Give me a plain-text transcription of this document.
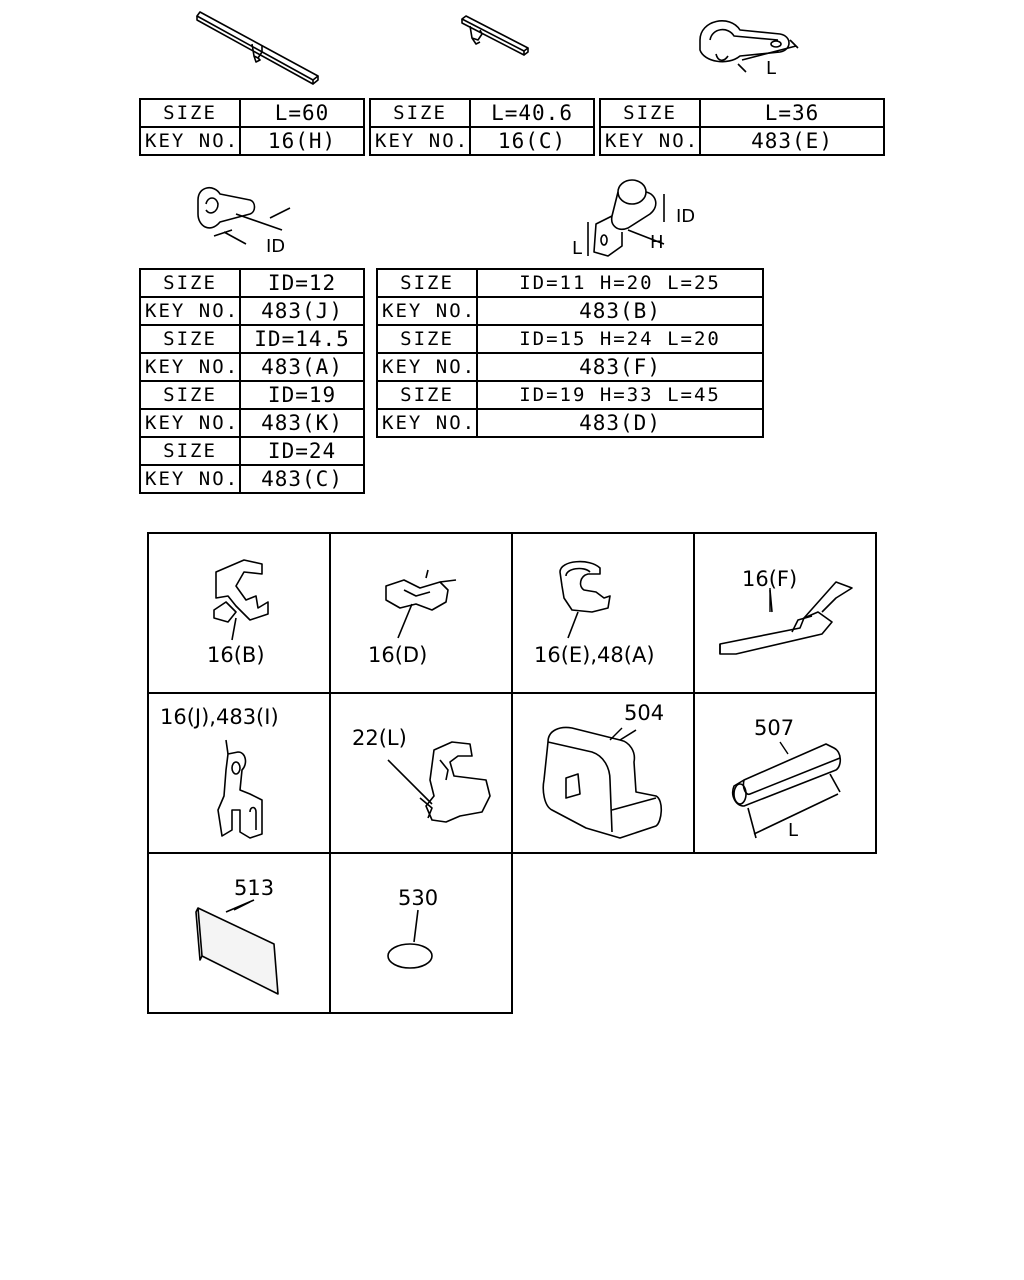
SIZE	L=60
KEY NO.	16(H)
SIZE	L=40.6
KEY NO.	16(C)
SIZE	L=36
KEY NO.	483(E)
L
ID
SIZE	ID=12
KEY NO.	483(J)
SIZE	ID=14.5
KEY NO.	483(A)
SIZE	ID=19
KEY NO.	483(K)
SIZE	ID=24
KEY NO.	483(C)
ID
H
L
SIZE	ID=11 H=20 L=25
KEY NO.	483(B)
SIZE	ID=15 H=24 L=20
KEY NO.	483(F)
SIZE	ID=19 H=33 L=45
KEY NO.	483(D)
16(B)	16(D)	16(E),48(A)
16(F)
16(J),483(I)
22(L)
504
507
L
513	530
